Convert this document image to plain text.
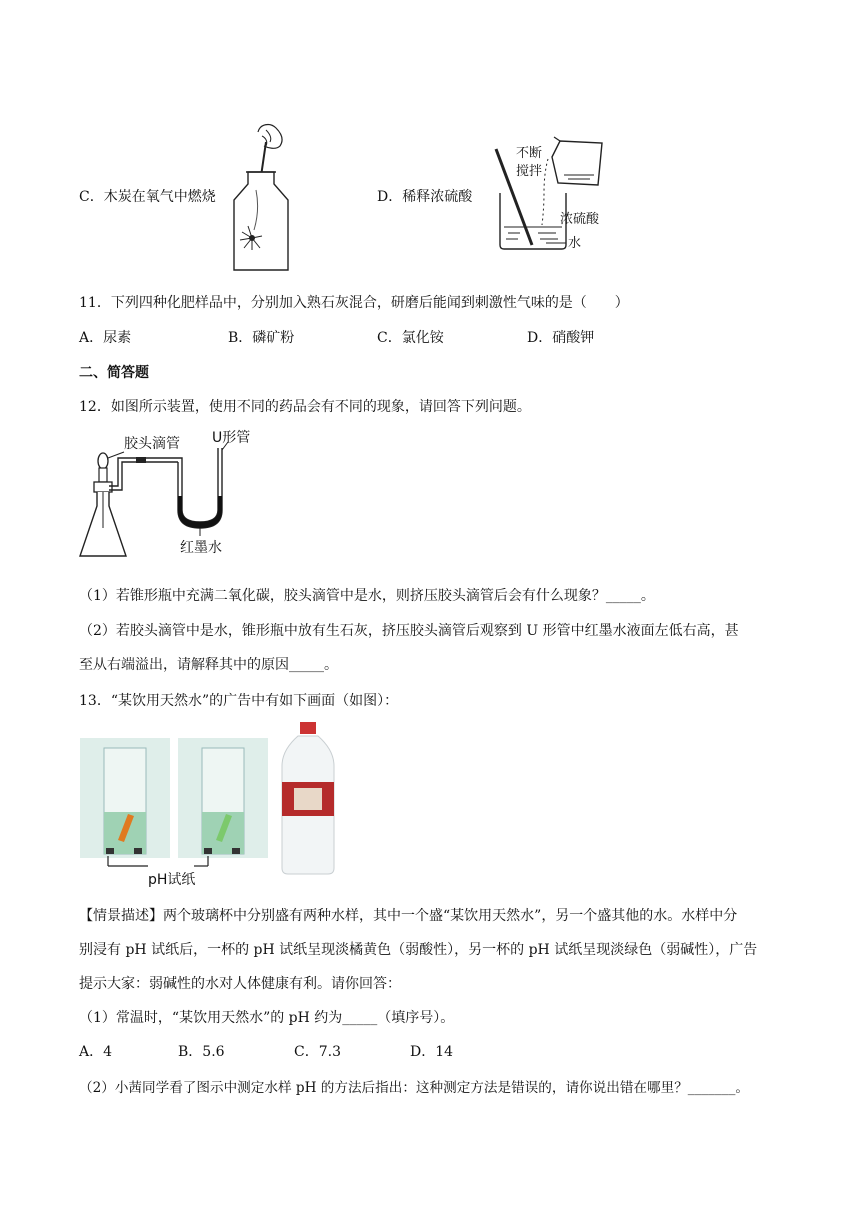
C．木炭在氧气中燃烧	D．稀释浓硫酸
不断
搅拌
浓硫酸
水
11．下列四种化肥样品中，分别加入熟石灰混合，研磨后能闻到刺激性气味的是（　　）
A．尿素	B．磷矿粉	C．氯化铵	D．硝酸钾
二、简答题
12．如图所示装置，使用不同的药品会有不同的现象，请回答下列问题。
胶头滴管 U形管
红墨水
（1）若锥形瓶中充满二氧化碳，胶头滴管中是水，则挤压胶头滴管后会有什么现象？_____。
（2）若胶头滴管中是水，锥形瓶中放有生石灰，挤压胶头滴管后观察到 U 形管中红墨水液面左低右高，甚
至从右端溢出，请解释其中的原因_____。
13．“某饮用天然水”的广告中有如下画面（如图）：
pH试纸
【情景描述】两个玻璃杯中分别盛有两种水样，其中一个盛“某饮用天然水”，另一个盛其他的水。水样中分
别浸有 pH 试纸后，一杯的 pH 试纸呈现淡橘黄色（弱酸性），另一杯的 pH 试纸呈现淡绿色（弱碱性），广告
提示大家：弱碱性的水对人体健康有利。请你回答：
（1）常温时，“某饮用天然水”的 pH 约为_____（填序号）。
A．4	B．5.6	C．7.3	D．14
（2）小茜同学看了图示中测定水样 pH 的方法后指出：这种测定方法是错误的，请你说出错在哪里？_______。
